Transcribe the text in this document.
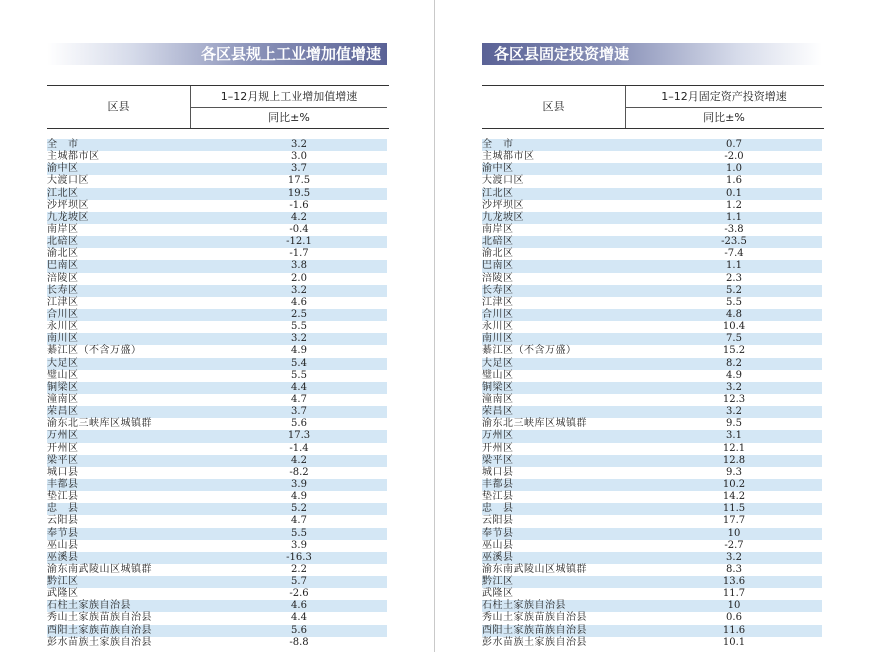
各区县规上工业增加值增速
区县
1–12月规上工业增加值增速
同比±%
全　市	3.2
主城都市区	3.0
渝中区	3.7
大渡口区	17.5
江北区	19.5
沙坪坝区	-1.6
九龙坡区	4.2
南岸区	-0.4
北碚区	-12.1
渝北区	-1.7
巴南区	3.8
涪陵区	2.0
长寿区	3.2
江津区	4.6
合川区	2.5
永川区	5.5
南川区	3.2
綦江区（不含万盛）	4.9
大足区	5.4
璧山区	5.5
铜梁区	4.4
潼南区	4.7
荣昌区	3.7
渝东北三峡库区城镇群	5.6
万州区	17.3
开州区	-1.4
梁平区	4.2
城口县	-8.2
丰都县	3.9
垫江县	4.9
忠　县	5.2
云阳县	4.7
奉节县	5.5
巫山县	3.9
巫溪县	-16.3
渝东南武陵山区城镇群	2.2
黔江区	5.7
武隆区	-2.6
石柱土家族自治县	4.6
秀山土家族苗族自治县	4.4
酉阳土家族苗族自治县	5.6
彭水苗族土家族自治县	-8.8
各区县固定投资增速
区县
1–12月固定资产投资增速
同比±%
全　市	0.7
主城都市区	-2.0
渝中区	1.0
大渡口区	1.6
江北区	0.1
沙坪坝区	1.2
九龙坡区	1.1
南岸区	-3.8
北碚区	-23.5
渝北区	-7.4
巴南区	1.1
涪陵区	2.3
长寿区	5.2
江津区	5.5
合川区	4.8
永川区	10.4
南川区	7.5
綦江区（不含万盛）	15.2
大足区	8.2
璧山区	4.9
铜梁区	3.2
潼南区	12.3
荣昌区	3.2
渝东北三峡库区城镇群	9.5
万州区	3.1
开州区	12.1
梁平区	12.8
城口县	9.3
丰都县	10.2
垫江县	14.2
忠　县	11.5
云阳县	17.7
奉节县	10
巫山县	-2.7
巫溪县	3.2
渝东南武陵山区城镇群	8.3
黔江区	13.6
武隆区	11.7
石柱土家族自治县	10
秀山土家族苗族自治县	0.6
酉阳土家族苗族自治县	11.6
彭水苗族土家族自治县	10.1
